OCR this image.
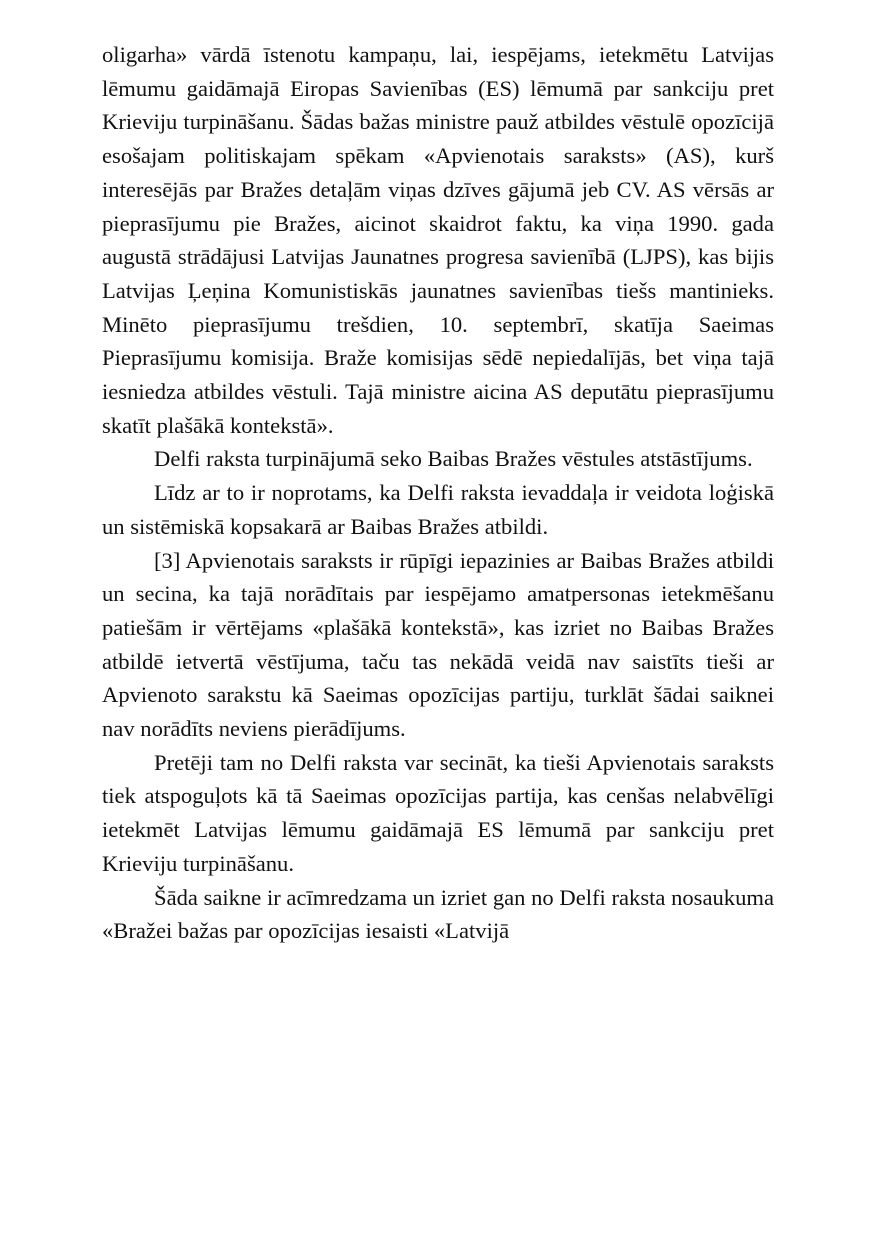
oligarha» vārdā īstenotu kampaņu, lai, iespējams, ietekmētu Latvijas lēmumu gaidāmajā Eiropas Savienības (ES) lēmumā par sankciju pret Krieviju turpināšanu. Šādas bažas ministre pauž atbildes vēstulē opozīcijā esošajam politiskajam spēkam «Apvienotais saraksts» (AS), kurš interesējās par Bražes detaļām viņas dzīves gājumā jeb CV. AS vērsās ar pieprasījumu pie Bražes, aicinot skaidrot faktu, ka viņa 1990. gada augustā strādājusi Latvijas Jaunatnes progresa savienībā (LJPS), kas bijis Latvijas Ļeņina Komunistiskās jaunatnes savienības tiešs mantinieks. Minēto pieprasījumu trešdien, 10. septembrī, skatīja Saeimas Pieprasījumu komisija. Braže komisijas sēdē nepiedalījās, bet viņa tajā iesniedza atbildes vēstuli. Tajā ministre aicina AS deputātu pieprasījumu skatīt plašākā kontekstā».

Delfi raksta turpinājumā seko Baibas Bražes vēstules atstāstījums.

Līdz ar to ir noprotams, ka Delfi raksta ievaddaļa ir veidota loģiskā un sistēmiskā kopsakarā ar Baibas Bražes atbildi.

[3] Apvienotais saraksts ir rūpīgi iepazinies ar Baibas Bražes atbildi un secina, ka tajā norādītais par iespējamo amatpersonas ietekmēšanu patiešām ir vērtējams «plašākā kontekstā», kas izriet no Baibas Bražes atbildē ietvertā vēstījuma, taču tas nekādā veidā nav saistīts tieši ar Apvienoto sarakstu kā Saeimas opozīcijas partiju, turklāt šādai saiknei nav norādīts neviens pierādījums.

Pretēji tam no Delfi raksta var secināt, ka tieši Apvienotais saraksts tiek atspoguļots kā tā Saeimas opozīcijas partija, kas cenšas nelabvēlīgi ietekmēt Latvijas lēmumu gaidāmajā ES lēmumā par sankciju pret Krieviju turpināšanu.

Šāda saikne ir acīmredzama un izriet gan no Delfi raksta nosaukuma «Bražei bažas par opozīcijas iesaisti «Latvijā
